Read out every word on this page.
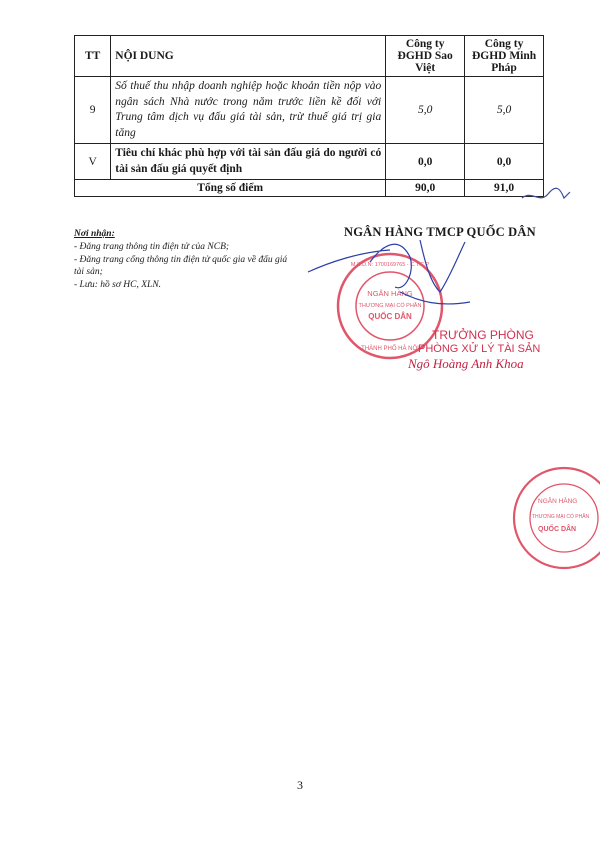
TT	NỘI DUNG	Công ty ĐGHD Sao Việt	Công ty ĐGHD Minh Pháp
9	Số thuế thu nhập doanh nghiệp hoặc khoản tiền nộp vào ngân sách Nhà nước trong năm trước liền kề đối với Trung tâm dịch vụ đấu giá tài sản, trừ thuế giá trị gia tăng	5,0	5,0
V	Tiêu chí khác phù hợp với tài sản đấu giá do người có tài sản đấu giá quyết định	0,0	0,0
Tổng số điểm		90,0	91,0
Nơi nhận:
- Đăng trang thông tin điện tử của NCB;
- Đăng trang cổng thông tin điện tử quốc gia về đấu giá tài sản;
- Lưu: hồ sơ HC, XLN.
NGÂN HÀNG TMCP QUỐC DÂN
NGÂN HÀNG
THƯƠNG MẠI CỔ PHẦN
QUỐC DÂN
M.S.D.N: 1700169765 - C.T.C.P
THÀNH PHỐ HÀ NỘI
TRƯỞNG PHÒNG
PHÒNG XỬ LÝ TÀI SẢN
Ngô Hoàng Anh Khoa
NGÂN HÀNG
THƯƠNG MẠI CỔ PHẦN
QUỐC DÂN
3
